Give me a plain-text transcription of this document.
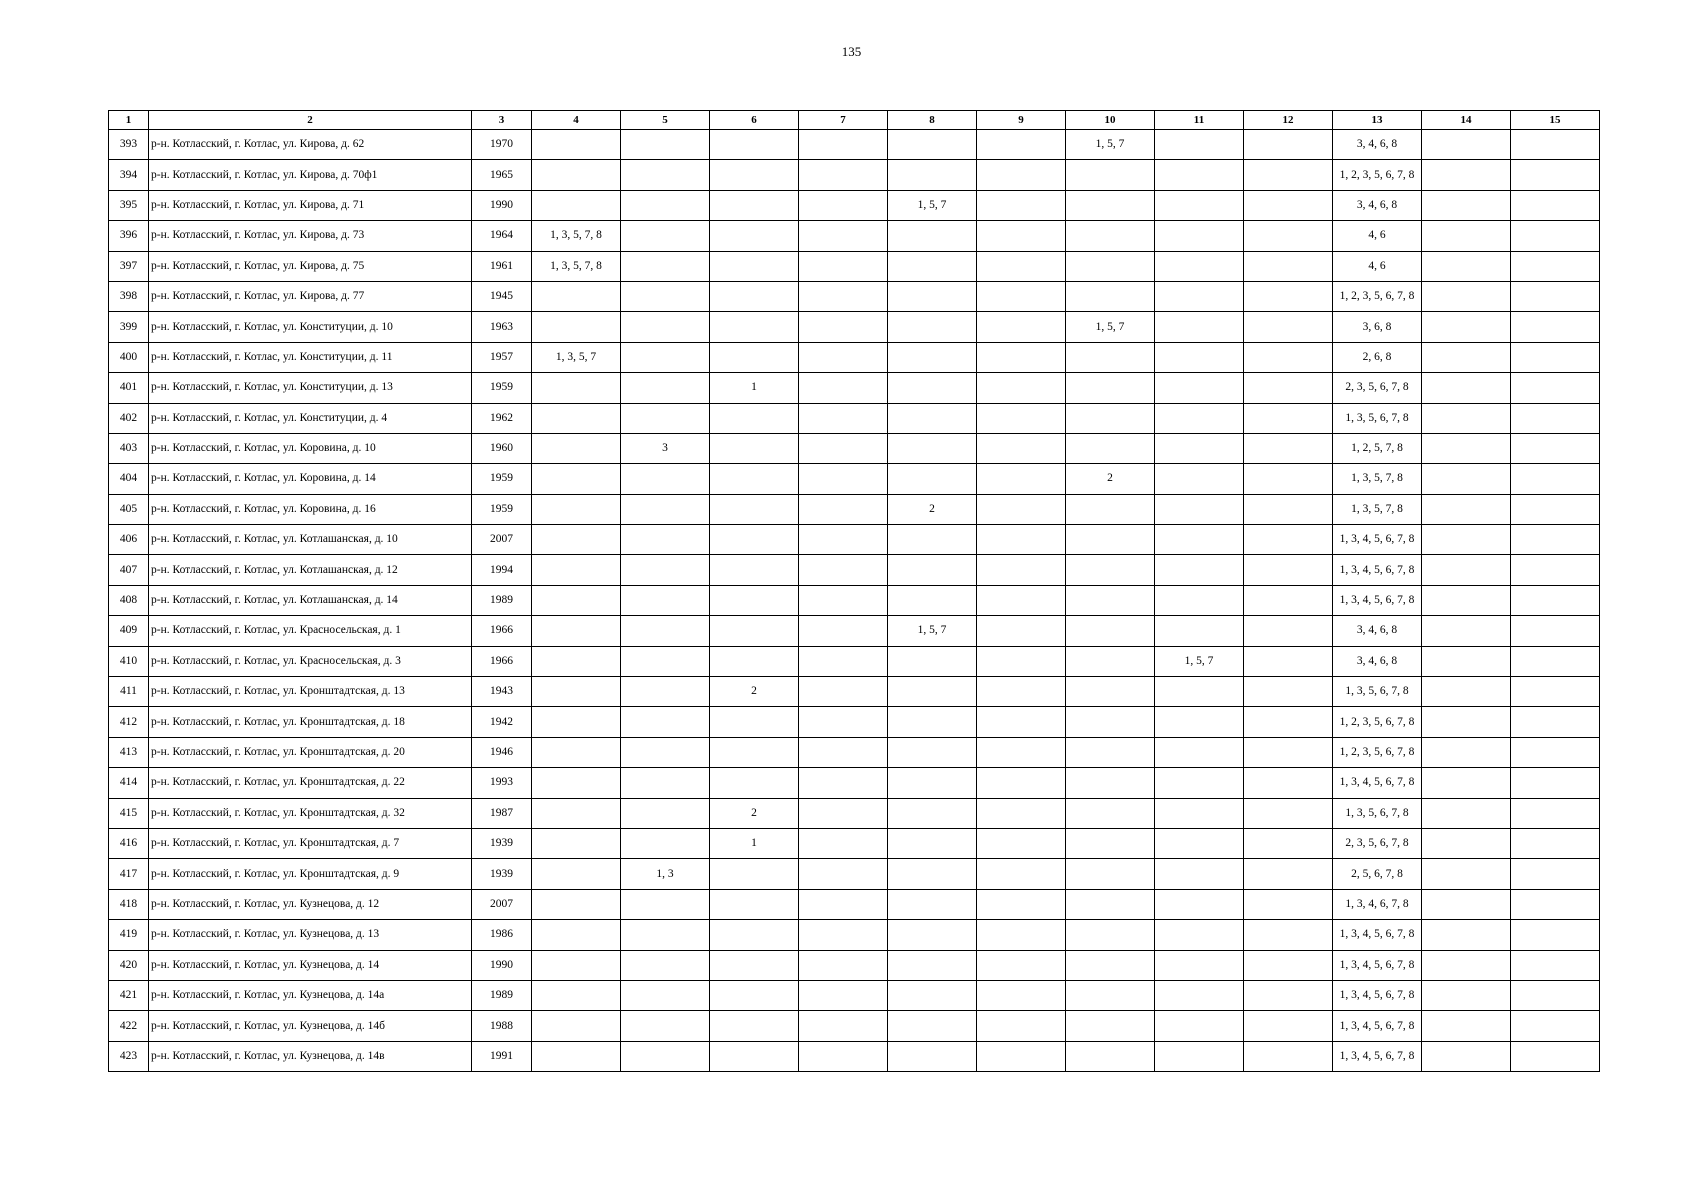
135
1	2	3	4	5	6	7	8	9	10	11	12	13	14	15
393	р-н. Котласский, г. Котлас, ул. Кирова, д. 62	1970							1, 5, 7			3, 4, 6, 8		
394	р-н. Котласский, г. Котлас, ул. Кирова, д. 70ф1	1965										1, 2, 3, 5, 6, 7, 8		
395	р-н. Котласский, г. Котлас, ул. Кирова, д. 71	1990					1, 5, 7					3, 4, 6, 8		
396	р-н. Котласский, г. Котлас, ул. Кирова, д. 73	1964	1, 3, 5, 7, 8									4, 6		
397	р-н. Котласский, г. Котлас, ул. Кирова, д. 75	1961	1, 3, 5, 7, 8									4, 6		
398	р-н. Котласский, г. Котлас, ул. Кирова, д. 77	1945										1, 2, 3, 5, 6, 7, 8		
399	р-н. Котласский, г. Котлас, ул. Конституции, д. 10	1963							1, 5, 7			3, 6, 8		
400	р-н. Котласский, г. Котлас, ул. Конституции, д. 11	1957	1, 3, 5, 7									2, 6, 8		
401	р-н. Котласский, г. Котлас, ул. Конституции, д. 13	1959			1							2, 3, 5, 6, 7, 8		
402	р-н. Котласский, г. Котлас, ул. Конституции, д. 4	1962										1, 3, 5, 6, 7, 8		
403	р-н. Котласский, г. Котлас, ул. Коровина, д. 10	1960		3								1, 2, 5, 7, 8		
404	р-н. Котласский, г. Котлас, ул. Коровина, д. 14	1959							2			1, 3, 5, 7, 8		
405	р-н. Котласский, г. Котлас, ул. Коровина, д. 16	1959					2					1, 3, 5, 7, 8		
406	р-н. Котласский, г. Котлас, ул. Котлашанская, д. 10	2007										1, 3, 4, 5, 6, 7, 8		
407	р-н. Котласский, г. Котлас, ул. Котлашанская, д. 12	1994										1, 3, 4, 5, 6, 7, 8		
408	р-н. Котласский, г. Котлас, ул. Котлашанская, д. 14	1989										1, 3, 4, 5, 6, 7, 8		
409	р-н. Котласский, г. Котлас, ул. Красносельская, д. 1	1966					1, 5, 7					3, 4, 6, 8		
410	р-н. Котласский, г. Котлас, ул. Красносельская, д. 3	1966								1, 5, 7		3, 4, 6, 8		
411	р-н. Котласский, г. Котлас, ул. Кронштадтская, д. 13	1943			2							1, 3, 5, 6, 7, 8		
412	р-н. Котласский, г. Котлас, ул. Кронштадтская, д. 18	1942										1, 2, 3, 5, 6, 7, 8		
413	р-н. Котласский, г. Котлас, ул. Кронштадтская, д. 20	1946										1, 2, 3, 5, 6, 7, 8		
414	р-н. Котласский, г. Котлас, ул. Кронштадтская, д. 22	1993										1, 3, 4, 5, 6, 7, 8		
415	р-н. Котласский, г. Котлас, ул. Кронштадтская, д. 32	1987			2							1, 3, 5, 6, 7, 8		
416	р-н. Котласский, г. Котлас, ул. Кронштадтская, д. 7	1939			1							2, 3, 5, 6, 7, 8		
417	р-н. Котласский, г. Котлас, ул. Кронштадтская, д. 9	1939		1, 3								2, 5, 6, 7, 8		
418	р-н. Котласский, г. Котлас, ул. Кузнецова, д. 12	2007										1, 3, 4, 6, 7, 8		
419	р-н. Котласский, г. Котлас, ул. Кузнецова, д. 13	1986										1, 3, 4, 5, 6, 7, 8		
420	р-н. Котласский, г. Котлас, ул. Кузнецова, д. 14	1990										1, 3, 4, 5, 6, 7, 8		
421	р-н. Котласский, г. Котлас, ул. Кузнецова, д. 14а	1989										1, 3, 4, 5, 6, 7, 8		
422	р-н. Котласский, г. Котлас, ул. Кузнецова, д. 14б	1988										1, 3, 4, 5, 6, 7, 8		
423	р-н. Котласский, г. Котлас, ул. Кузнецова, д. 14в	1991										1, 3, 4, 5, 6, 7, 8		
